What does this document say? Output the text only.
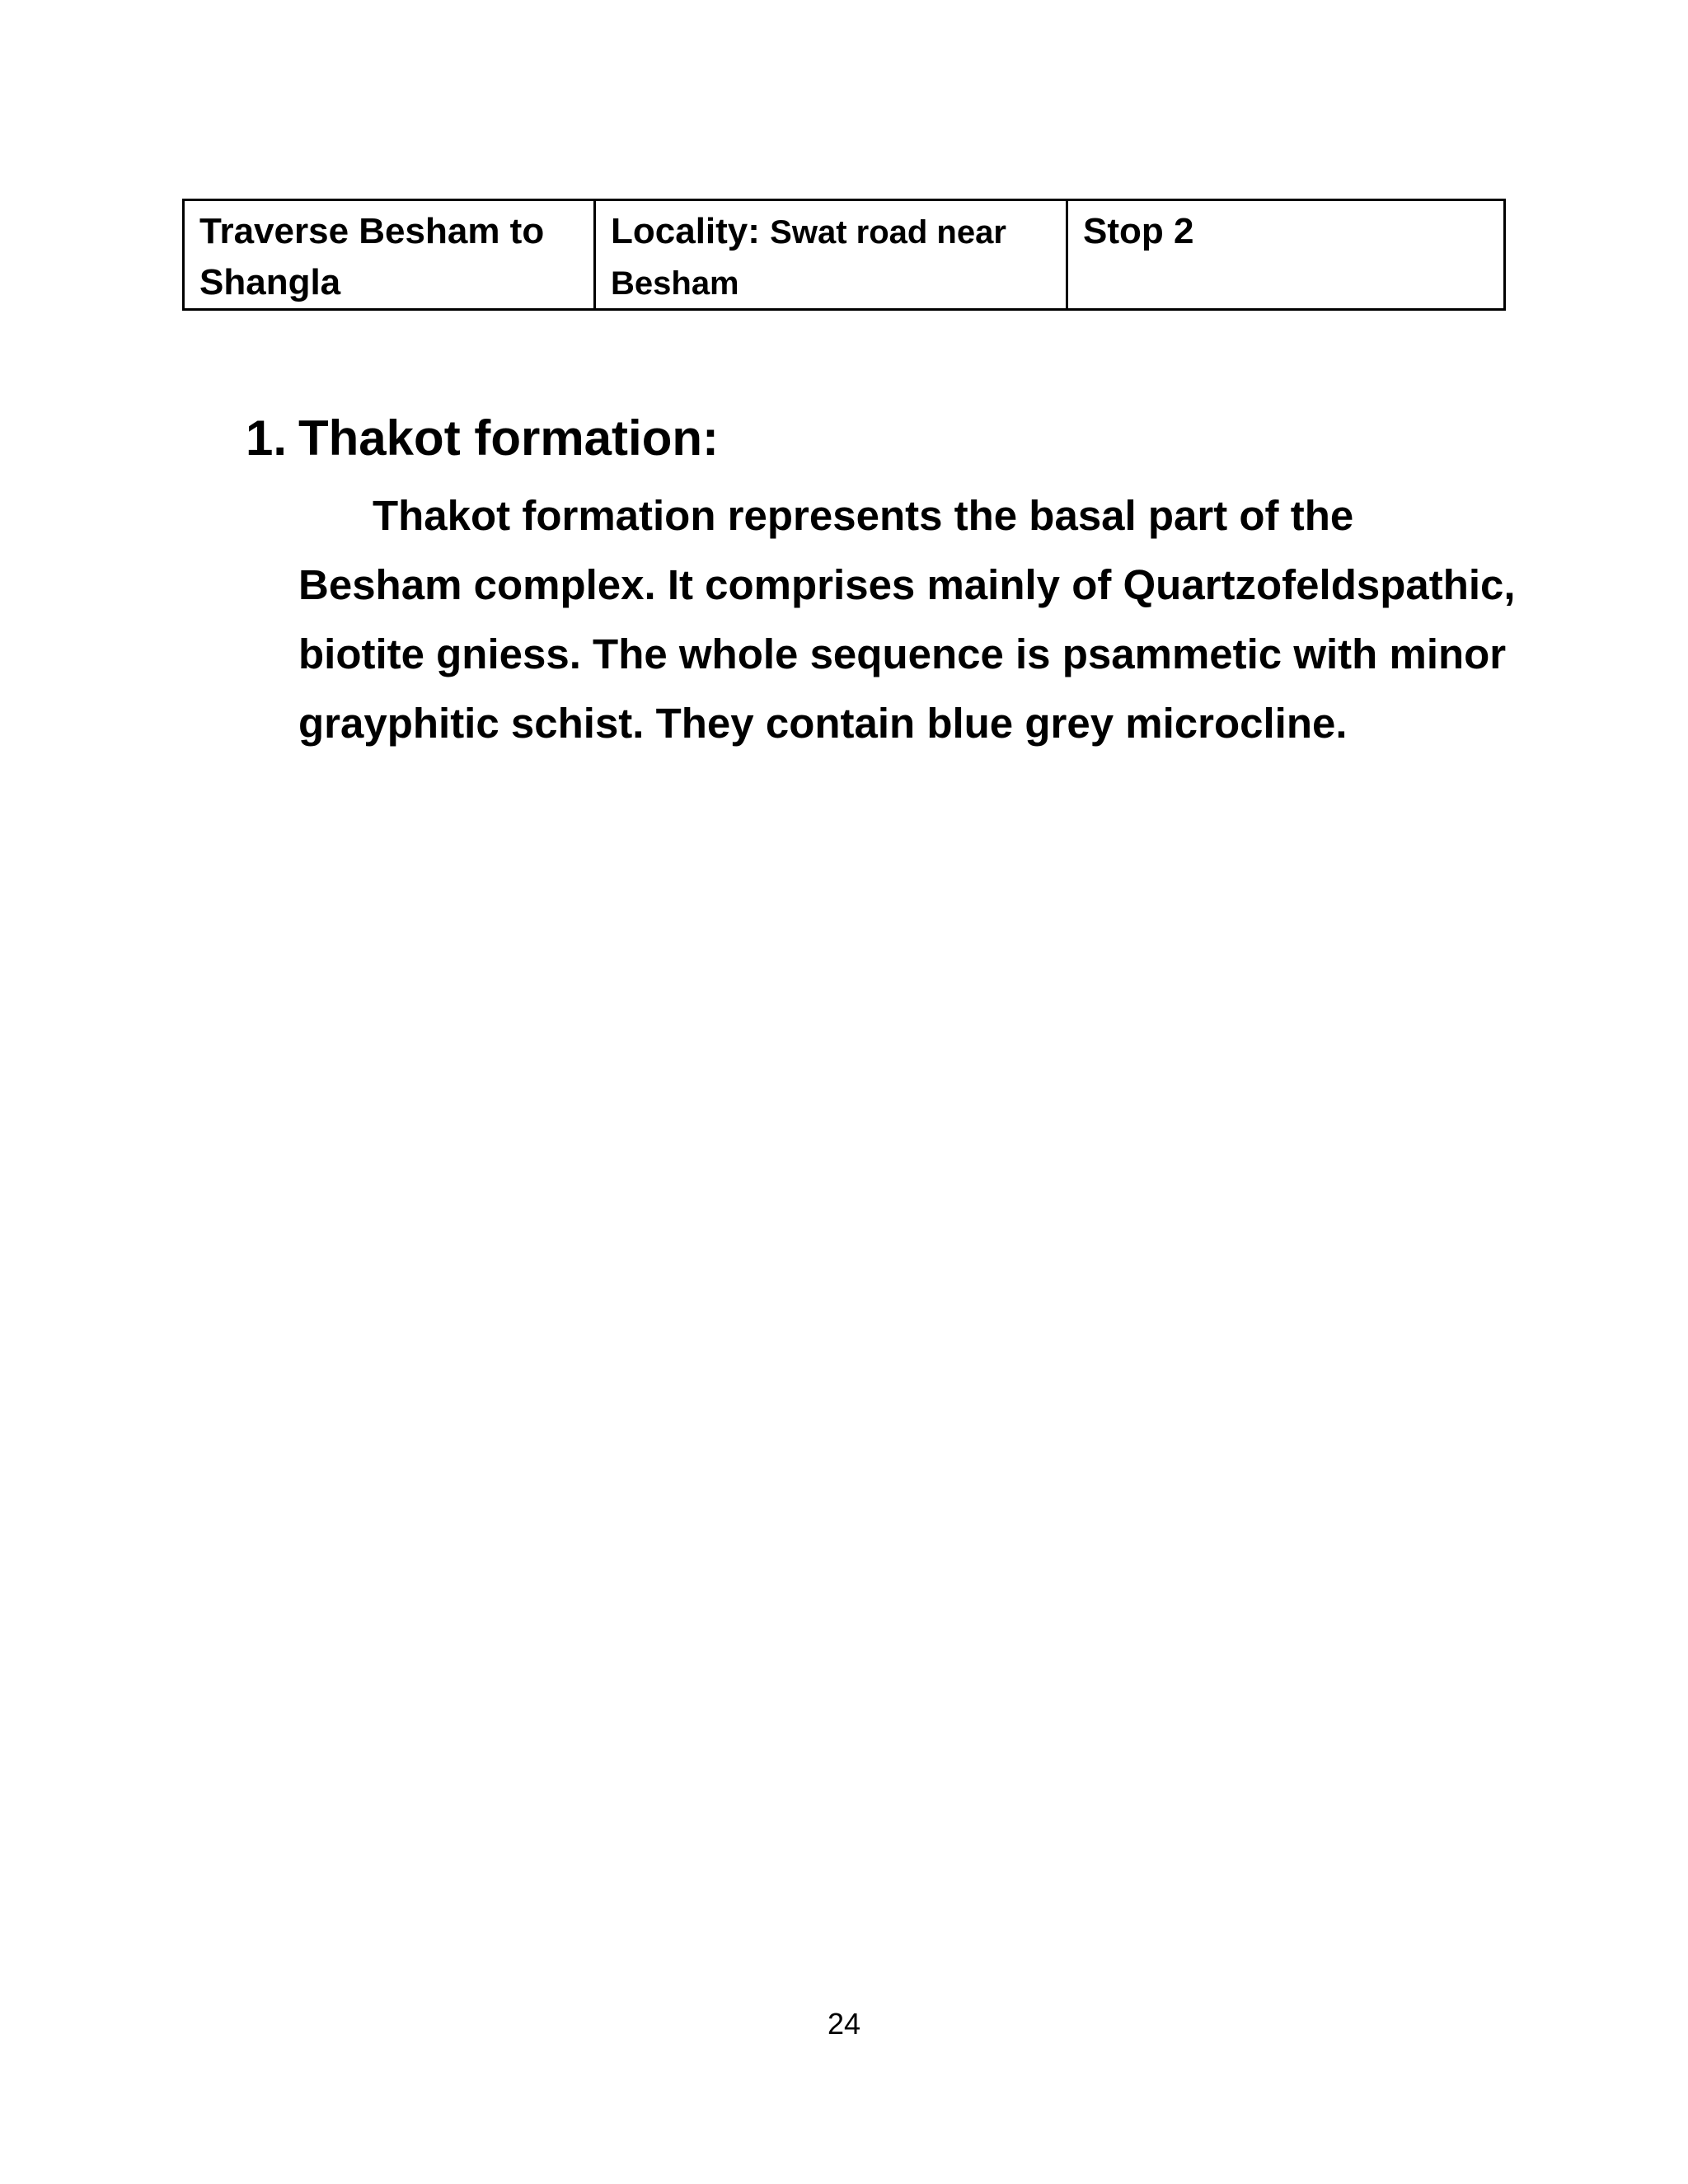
Traverse Besham to Shangla	Locality: Swat road near Besham	Stop 2
1. Thakot formation:

Thakot formation represents the basal part of the Besham complex. It comprises mainly of Quartzofeldspathic, biotite gniess. The whole sequence is psammetic with minor grayphitic schist. They contain blue grey microcline.

24
